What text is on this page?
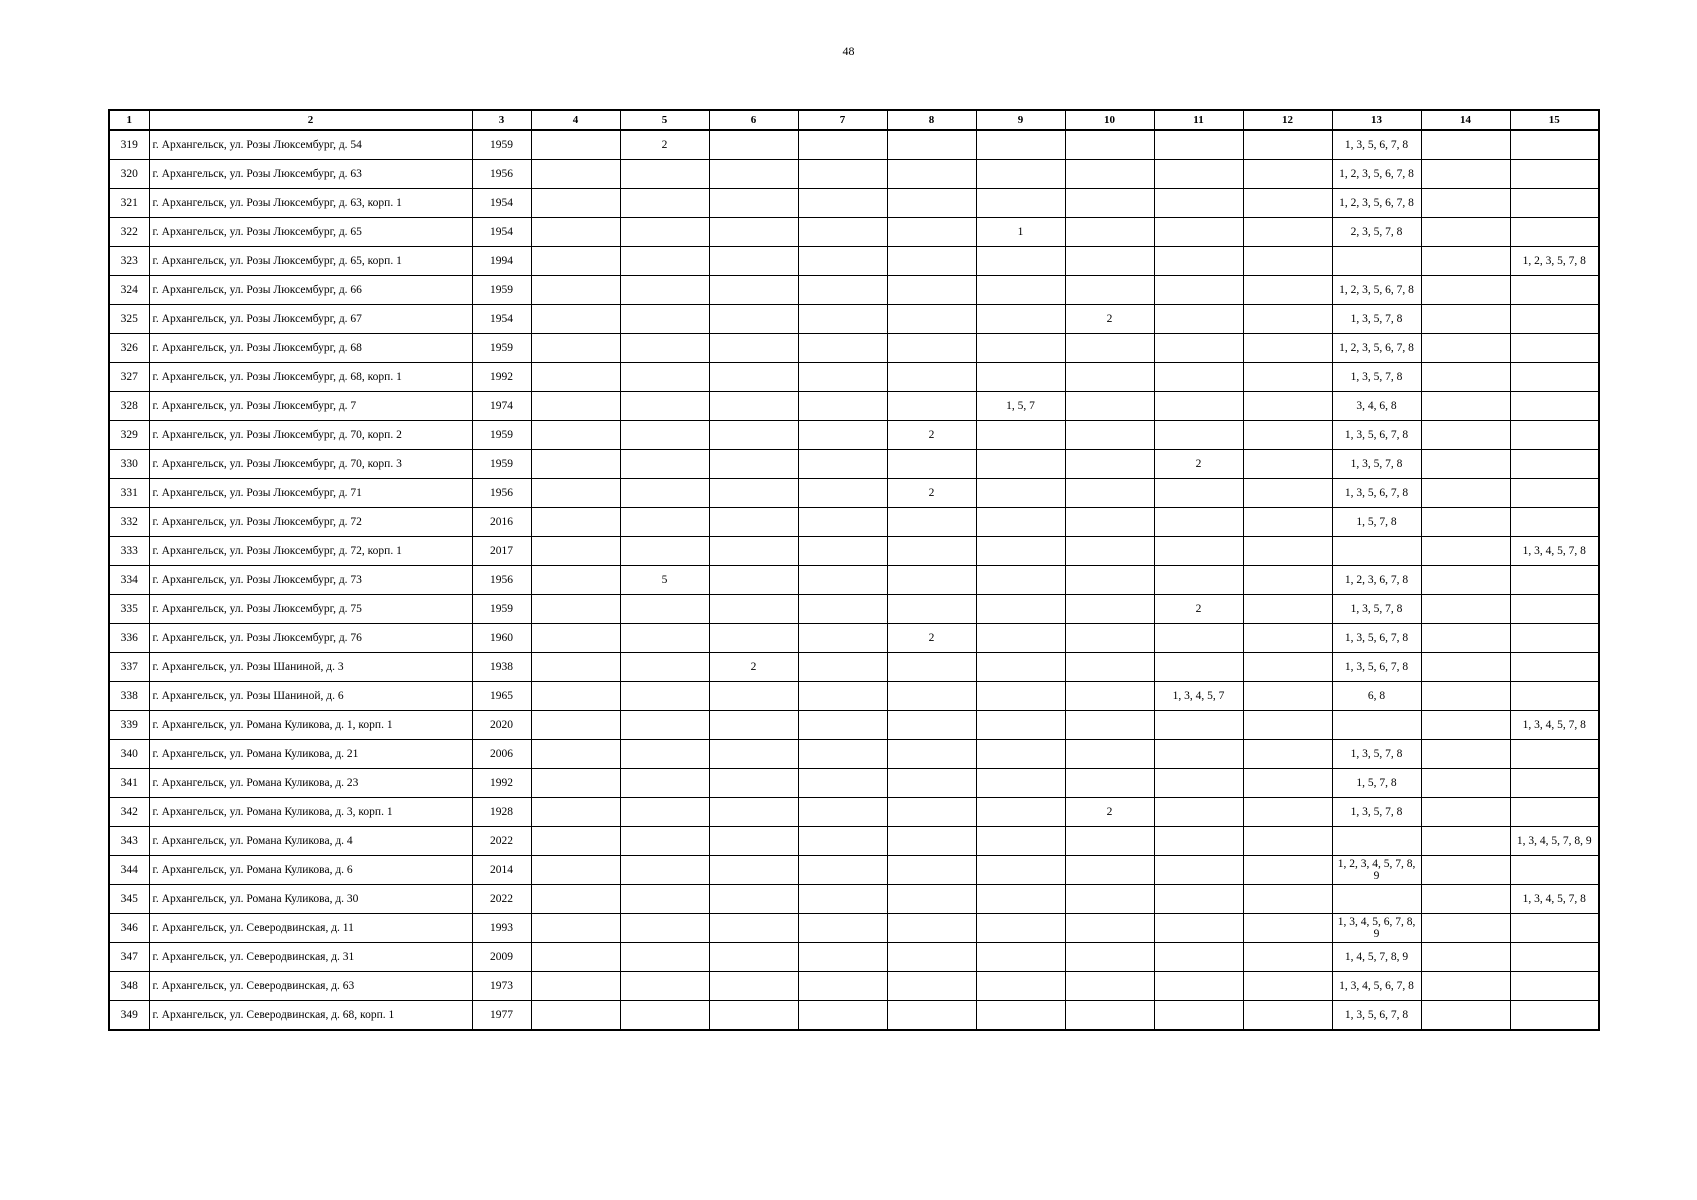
48
1	2	3	4	5	6	7	8	9	10	11	12	13	14	15
319	г. Архангельск, ул. Розы Люксембург, д. 54	1959		2								1, 3, 5, 6, 7, 8		
320	г. Архангельск, ул. Розы Люксембург, д. 63	1956										1, 2, 3, 5, 6, 7, 8		
321	г. Архангельск, ул. Розы Люксембург, д. 63, корп. 1	1954										1, 2, 3, 5, 6, 7, 8		
322	г. Архангельск, ул. Розы Люксембург, д. 65	1954						1				2, 3, 5, 7, 8		
323	г. Архангельск, ул. Розы Люксембург, д. 65, корп. 1	1994												1, 2, 3, 5, 7, 8
324	г. Архангельск, ул. Розы Люксембург, д. 66	1959										1, 2, 3, 5, 6, 7, 8		
325	г. Архангельск, ул. Розы Люксембург, д. 67	1954							2			1, 3, 5, 7, 8		
326	г. Архангельск, ул. Розы Люксембург, д. 68	1959										1, 2, 3, 5, 6, 7, 8		
327	г. Архангельск, ул. Розы Люксембург, д. 68, корп. 1	1992										1, 3, 5, 7, 8		
328	г. Архангельск, ул. Розы Люксембург, д. 7	1974						1, 5, 7				3, 4, 6, 8		
329	г. Архангельск, ул. Розы Люксембург, д. 70, корп. 2	1959					2					1, 3, 5, 6, 7, 8		
330	г. Архангельск, ул. Розы Люксембург, д. 70, корп. 3	1959								2		1, 3, 5, 7, 8		
331	г. Архангельск, ул. Розы Люксембург, д. 71	1956					2					1, 3, 5, 6, 7, 8		
332	г. Архангельск, ул. Розы Люксембург, д. 72	2016										1, 5, 7, 8		
333	г. Архангельск, ул. Розы Люксембург, д. 72, корп. 1	2017												1, 3, 4, 5, 7, 8
334	г. Архангельск, ул. Розы Люксембург, д. 73	1956		5								1, 2, 3, 6, 7, 8		
335	г. Архангельск, ул. Розы Люксембург, д. 75	1959								2		1, 3, 5, 7, 8		
336	г. Архангельск, ул. Розы Люксембург, д. 76	1960					2					1, 3, 5, 6, 7, 8		
337	г. Архангельск, ул. Розы Шаниной, д. 3	1938			2							1, 3, 5, 6, 7, 8		
338	г. Архангельск, ул. Розы Шаниной, д. 6	1965								1, 3, 4, 5, 7		6, 8		
339	г. Архангельск, ул. Романа Куликова, д. 1, корп. 1	2020												1, 3, 4, 5, 7, 8
340	г. Архангельск, ул. Романа Куликова, д. 21	2006										1, 3, 5, 7, 8		
341	г. Архангельск, ул. Романа Куликова, д. 23	1992										1, 5, 7, 8		
342	г. Архангельск, ул. Романа Куликова, д. 3, корп. 1	1928							2			1, 3, 5, 7, 8		
343	г. Архангельск, ул. Романа Куликова, д. 4	2022												1, 3, 4, 5, 7, 8, 9
344	г. Архангельск, ул. Романа Куликова, д. 6	2014										1, 2, 3, 4, 5, 7, 8, 9		
345	г. Архангельск, ул. Романа Куликова, д. 30	2022												1, 3, 4, 5, 7, 8
346	г. Архангельск, ул. Северодвинская, д. 11	1993										1, 3, 4, 5, 6, 7, 8, 9		
347	г. Архангельск, ул. Северодвинская, д. 31	2009										1, 4, 5, 7, 8, 9		
348	г. Архангельск, ул. Северодвинская, д. 63	1973										1, 3, 4, 5, 6, 7, 8		
349	г. Архангельск, ул. Северодвинская, д. 68, корп. 1	1977										1, 3, 5, 6, 7, 8		
